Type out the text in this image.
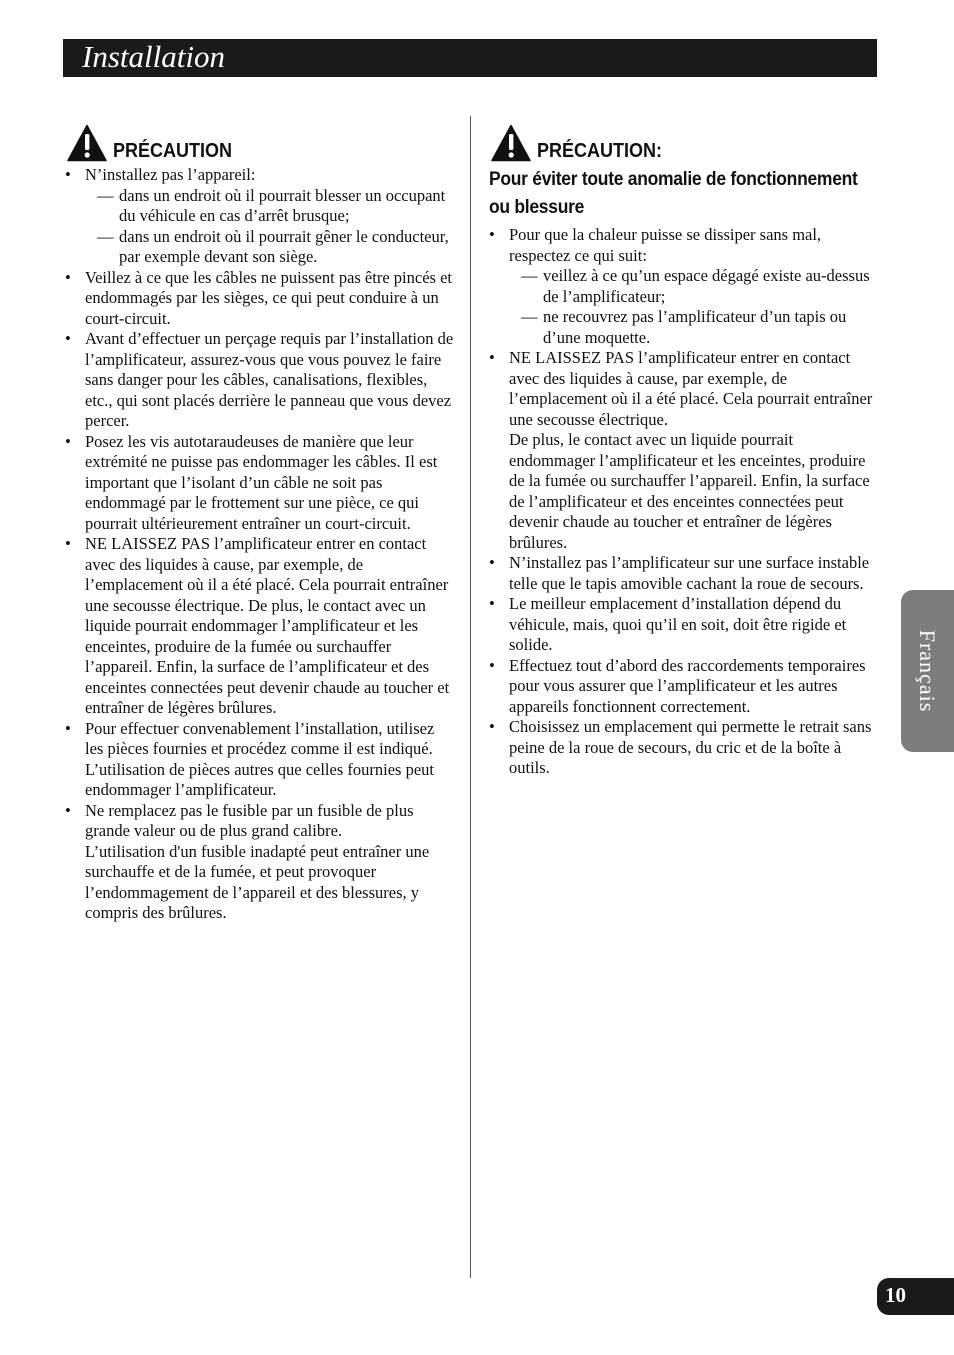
Installation
PRÉCAUTION
• N’installez pas l’appareil:
— dans un endroit où il pourrait blesser un occupant du véhicule en cas d’arrêt brusque;
— dans un endroit où il pourrait gêner le conducteur, par exemple devant son siège.
• Veillez à ce que les câbles ne puissent pas être pincés et endommagés par les sièges, ce qui peut conduire à un court-circuit.
• Avant d’effectuer un perçage requis par l’installation de l’amplificateur, assurez-vous que vous pouvez le faire sans danger pour les câbles, canalisations, flexibles, etc., qui sont placés derrière le panneau que vous devez percer.
• Posez les vis autotaraudeuses de manière que leur extrémité ne puisse pas endommager les câbles. Il est important que l’isolant d’un câble ne soit pas endommagé par le frottement sur une pièce, ce qui pourrait ultérieurement entraîner un court-circuit.
• NE LAISSEZ PAS l’amplificateur entrer en contact avec des liquides à cause, par exemple, de l’emplacement où il a été placé. Cela pourrait entraîner une secousse électrique. De plus, le contact avec un liquide pourrait endommager l’amplificateur et les enceintes, produire de la fumée ou surchauffer l’appareil. Enfin, la surface de l’amplificateur et des enceintes connectées peut devenir chaude au toucher et entraîner de légères brûlures.
• Pour effectuer convenablement l’installation, utilisez les pièces fournies et procédez comme il est indiqué. L’utilisation de pièces autres que celles fournies peut endommager l’amplificateur.
• Ne remplacez pas le fusible par un fusible de plus grande valeur ou de plus grand calibre.
L’utilisation d'un fusible inadapté peut entraîner une surchauffe et de la fumée, et peut provoquer l’endommagement de l’appareil et des blessures, y compris des brûlures.
PRÉCAUTION:
Pour éviter toute anomalie de fonctionnement ou blessure
• Pour que la chaleur puisse se dissiper sans mal, respectez ce qui suit:
— veillez à ce qu’un espace dégagé existe au-dessus de l’amplificateur;
— ne recouvrez pas l’amplificateur d’un tapis ou d’une moquette.
• NE LAISSEZ PAS l’amplificateur entrer en contact avec des liquides à cause, par exemple, de l’emplacement où il a été placé. Cela pourrait entraîner une secousse électrique.
De plus, le contact avec un liquide pourrait endommager l’amplificateur et les enceintes, produire de la fumée ou surchauffer l’appareil. Enfin, la surface de l’amplificateur et des enceintes connectées peut devenir chaude au toucher et entraîner de légères brûlures.
• N’installez pas l’amplificateur sur une surface instable telle que le tapis amovible cachant la roue de secours.
• Le meilleur emplacement d’installation dépend du véhicule, mais, quoi qu’il en soit, doit être rigide et solide.
• Effectuez tout d’abord des raccordements temporaires pour vous assurer que l’amplificateur et les autres appareils fonctionnent correctement.
• Choisissez un emplacement qui permette le retrait sans peine de la roue de secours, du cric et de la boîte à outils.
Français
10
